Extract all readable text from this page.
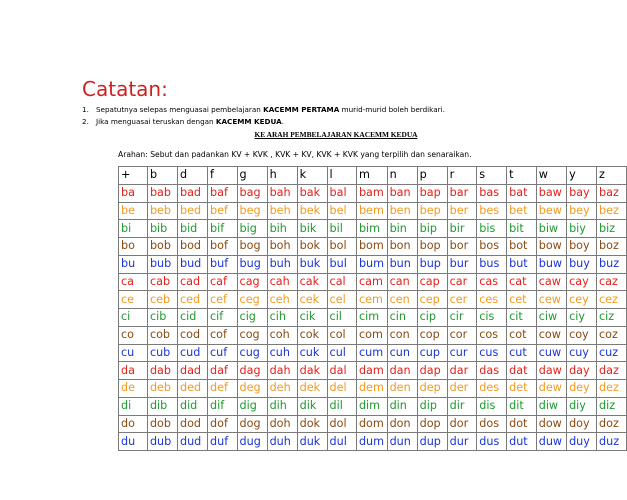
Catatan:
1. Sepatutnya selepas menguasai pembelajaran KACEMM PERTAMA murid-murid boleh berdikari.
2. Jika menguasai teruskan dengan KACEMM KEDUA.
KE ARAH PEMBELAJARAN KACEMM KEDUA
Arahan: Sebut dan padankan KV + KVK , KVK + KV, KVK + KVK yang terpilih dan senaraikan.
+	b	d	f	g	h	k	l	m	n	p	r	s	t	w	y	z
ba	bab	bad	baf	bag	bah	bak	bal	bam	ban	bap	bar	bas	bat	baw	bay	baz
be	beb	bed	bef	beg	beh	bek	bel	bem	ben	bep	ber	bes	bet	bew	bey	bez
bi	bib	bid	bif	big	bih	bik	bil	bim	bin	bip	bir	bis	bit	biw	biy	biz
bo	bob	bod	bof	bog	boh	bok	bol	bom	bon	bop	bor	bos	bot	bow	boy	boz
bu	bub	bud	buf	bug	buh	buk	bul	bum	bun	bup	bur	bus	but	buw	buy	buz
ca	cab	cad	caf	cag	cah	cak	cal	cam	can	cap	car	cas	cat	caw	cay	caz
ce	ceb	ced	cef	ceg	ceh	cek	cel	cem	cen	cep	cer	ces	cet	cew	cey	cez
ci	cib	cid	cif	cig	cih	cik	cil	cim	cin	cip	cir	cis	cit	ciw	ciy	ciz
co	cob	cod	cof	cog	coh	cok	col	com	con	cop	cor	cos	cot	cow	coy	coz
cu	cub	cud	cuf	cug	cuh	cuk	cul	cum	cun	cup	cur	cus	cut	cuw	cuy	cuz
da	dab	dad	daf	dag	dah	dak	dal	dam	dan	dap	dar	das	dat	daw	day	daz
de	deb	ded	def	deg	deh	dek	del	dem	den	dep	der	des	det	dew	dey	dez
di	dib	did	dif	dig	dih	dik	dil	dim	din	dip	dir	dis	dit	diw	diy	diz
do	dob	dod	dof	dog	doh	dok	dol	dom	don	dop	dor	dos	dot	dow	doy	doz
du	dub	dud	duf	dug	duh	duk	dul	dum	dun	dup	dur	dus	dut	duw	duy	duz
